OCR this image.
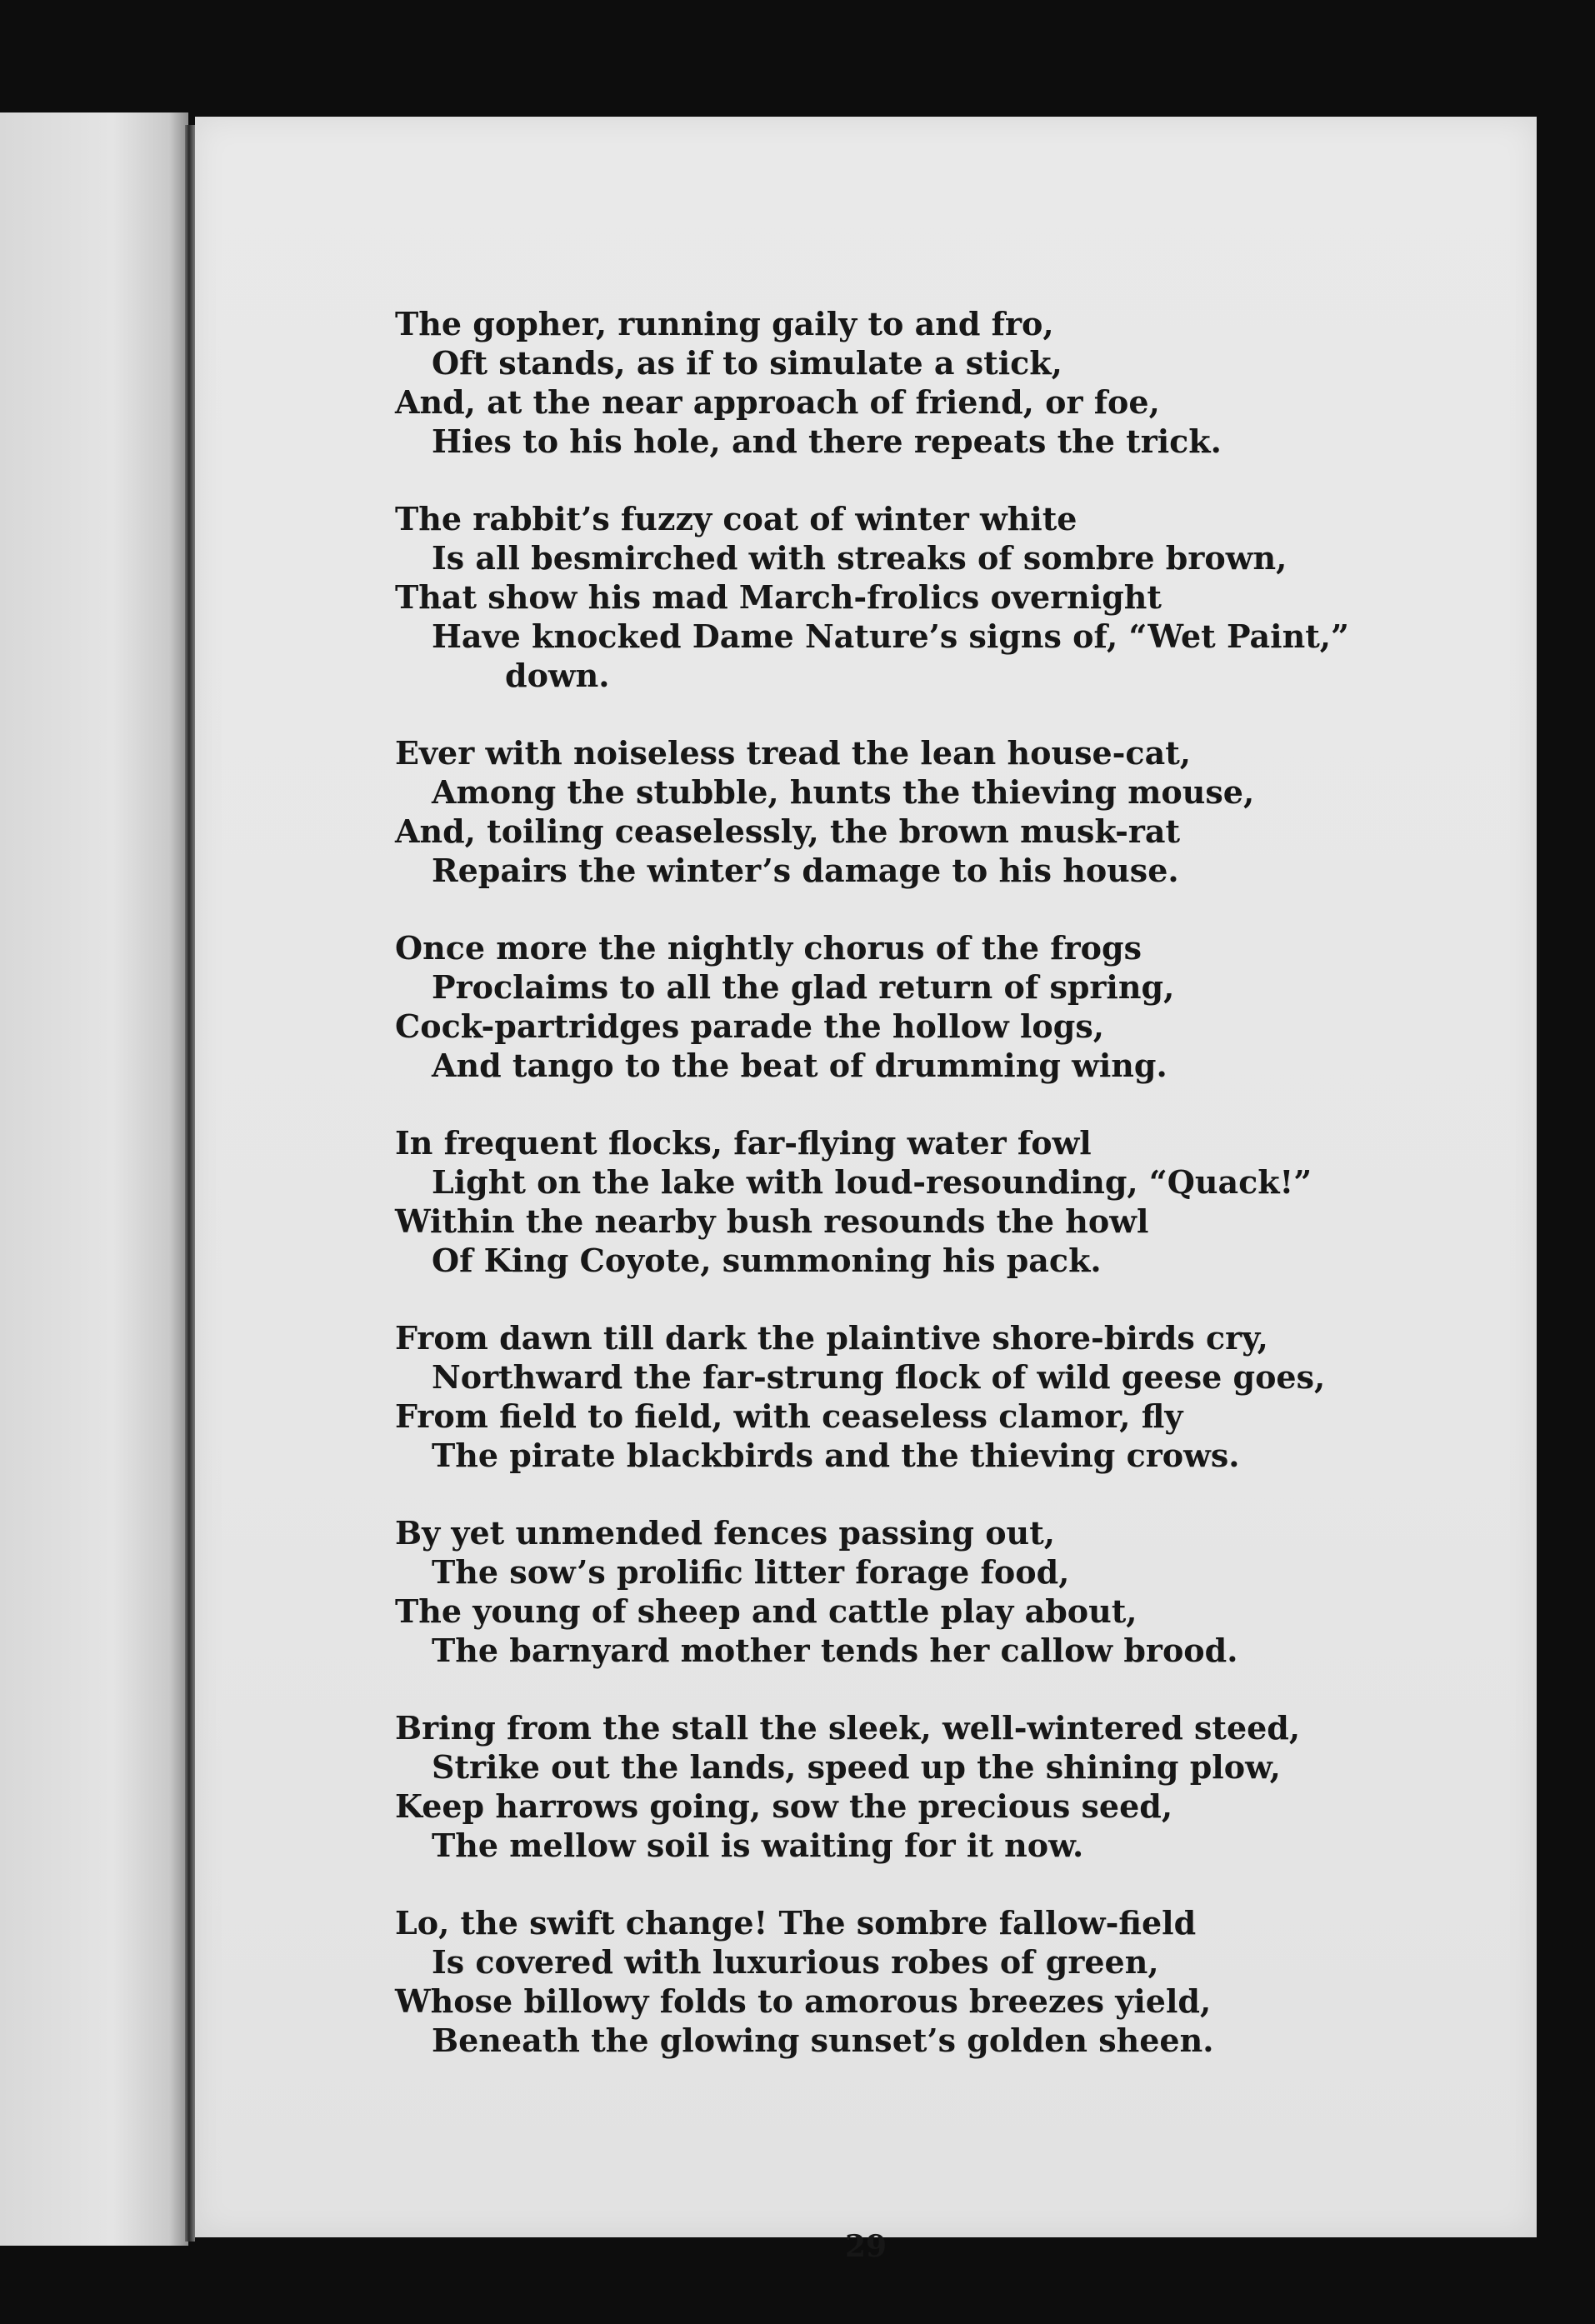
The gopher, running gaily to and fro,
Oft stands, as if to simulate a stick,
And, at the near approach of friend, or foe,
Hies to his hole, and there repeats the trick.
The rabbit’s fuzzy coat of winter white
Is all besmirched with streaks of sombre brown,
That show his mad March-frolics overnight
Have knocked Dame Nature’s signs of, “Wet Paint,”
down.
Ever with noiseless tread the lean house-cat,
Among the stubble, hunts the thieving mouse,
And, toiling ceaselessly, the brown musk-rat
Repairs the winter’s damage to his house.
Once more the nightly chorus of the frogs
Proclaims to all the glad return of spring,
Cock-partridges parade the hollow logs,
And tango to the beat of drumming wing.
In frequent flocks, far-flying water fowl
Light on the lake with loud-resounding, “Quack!”
Within the nearby bush resounds the howl
Of King Coyote, summoning his pack.
From dawn till dark the plaintive shore-birds cry,
Northward the far-strung flock of wild geese goes,
From field to field, with ceaseless clamor, fly
The pirate blackbirds and the thieving crows.
By yet unmended fences passing out,
The sow’s prolific litter forage food,
The young of sheep and cattle play about,
The barnyard mother tends her callow brood.
Bring from the stall the sleek, well-wintered steed,
Strike out the lands, speed up the shining plow,
Keep harrows going, sow the precious seed,
The mellow soil is waiting for it now.
Lo, the swift change! The sombre fallow-field
Is covered with luxurious robes of green,
Whose billowy folds to amorous breezes yield,
Beneath the glowing sunset’s golden sheen.
29
